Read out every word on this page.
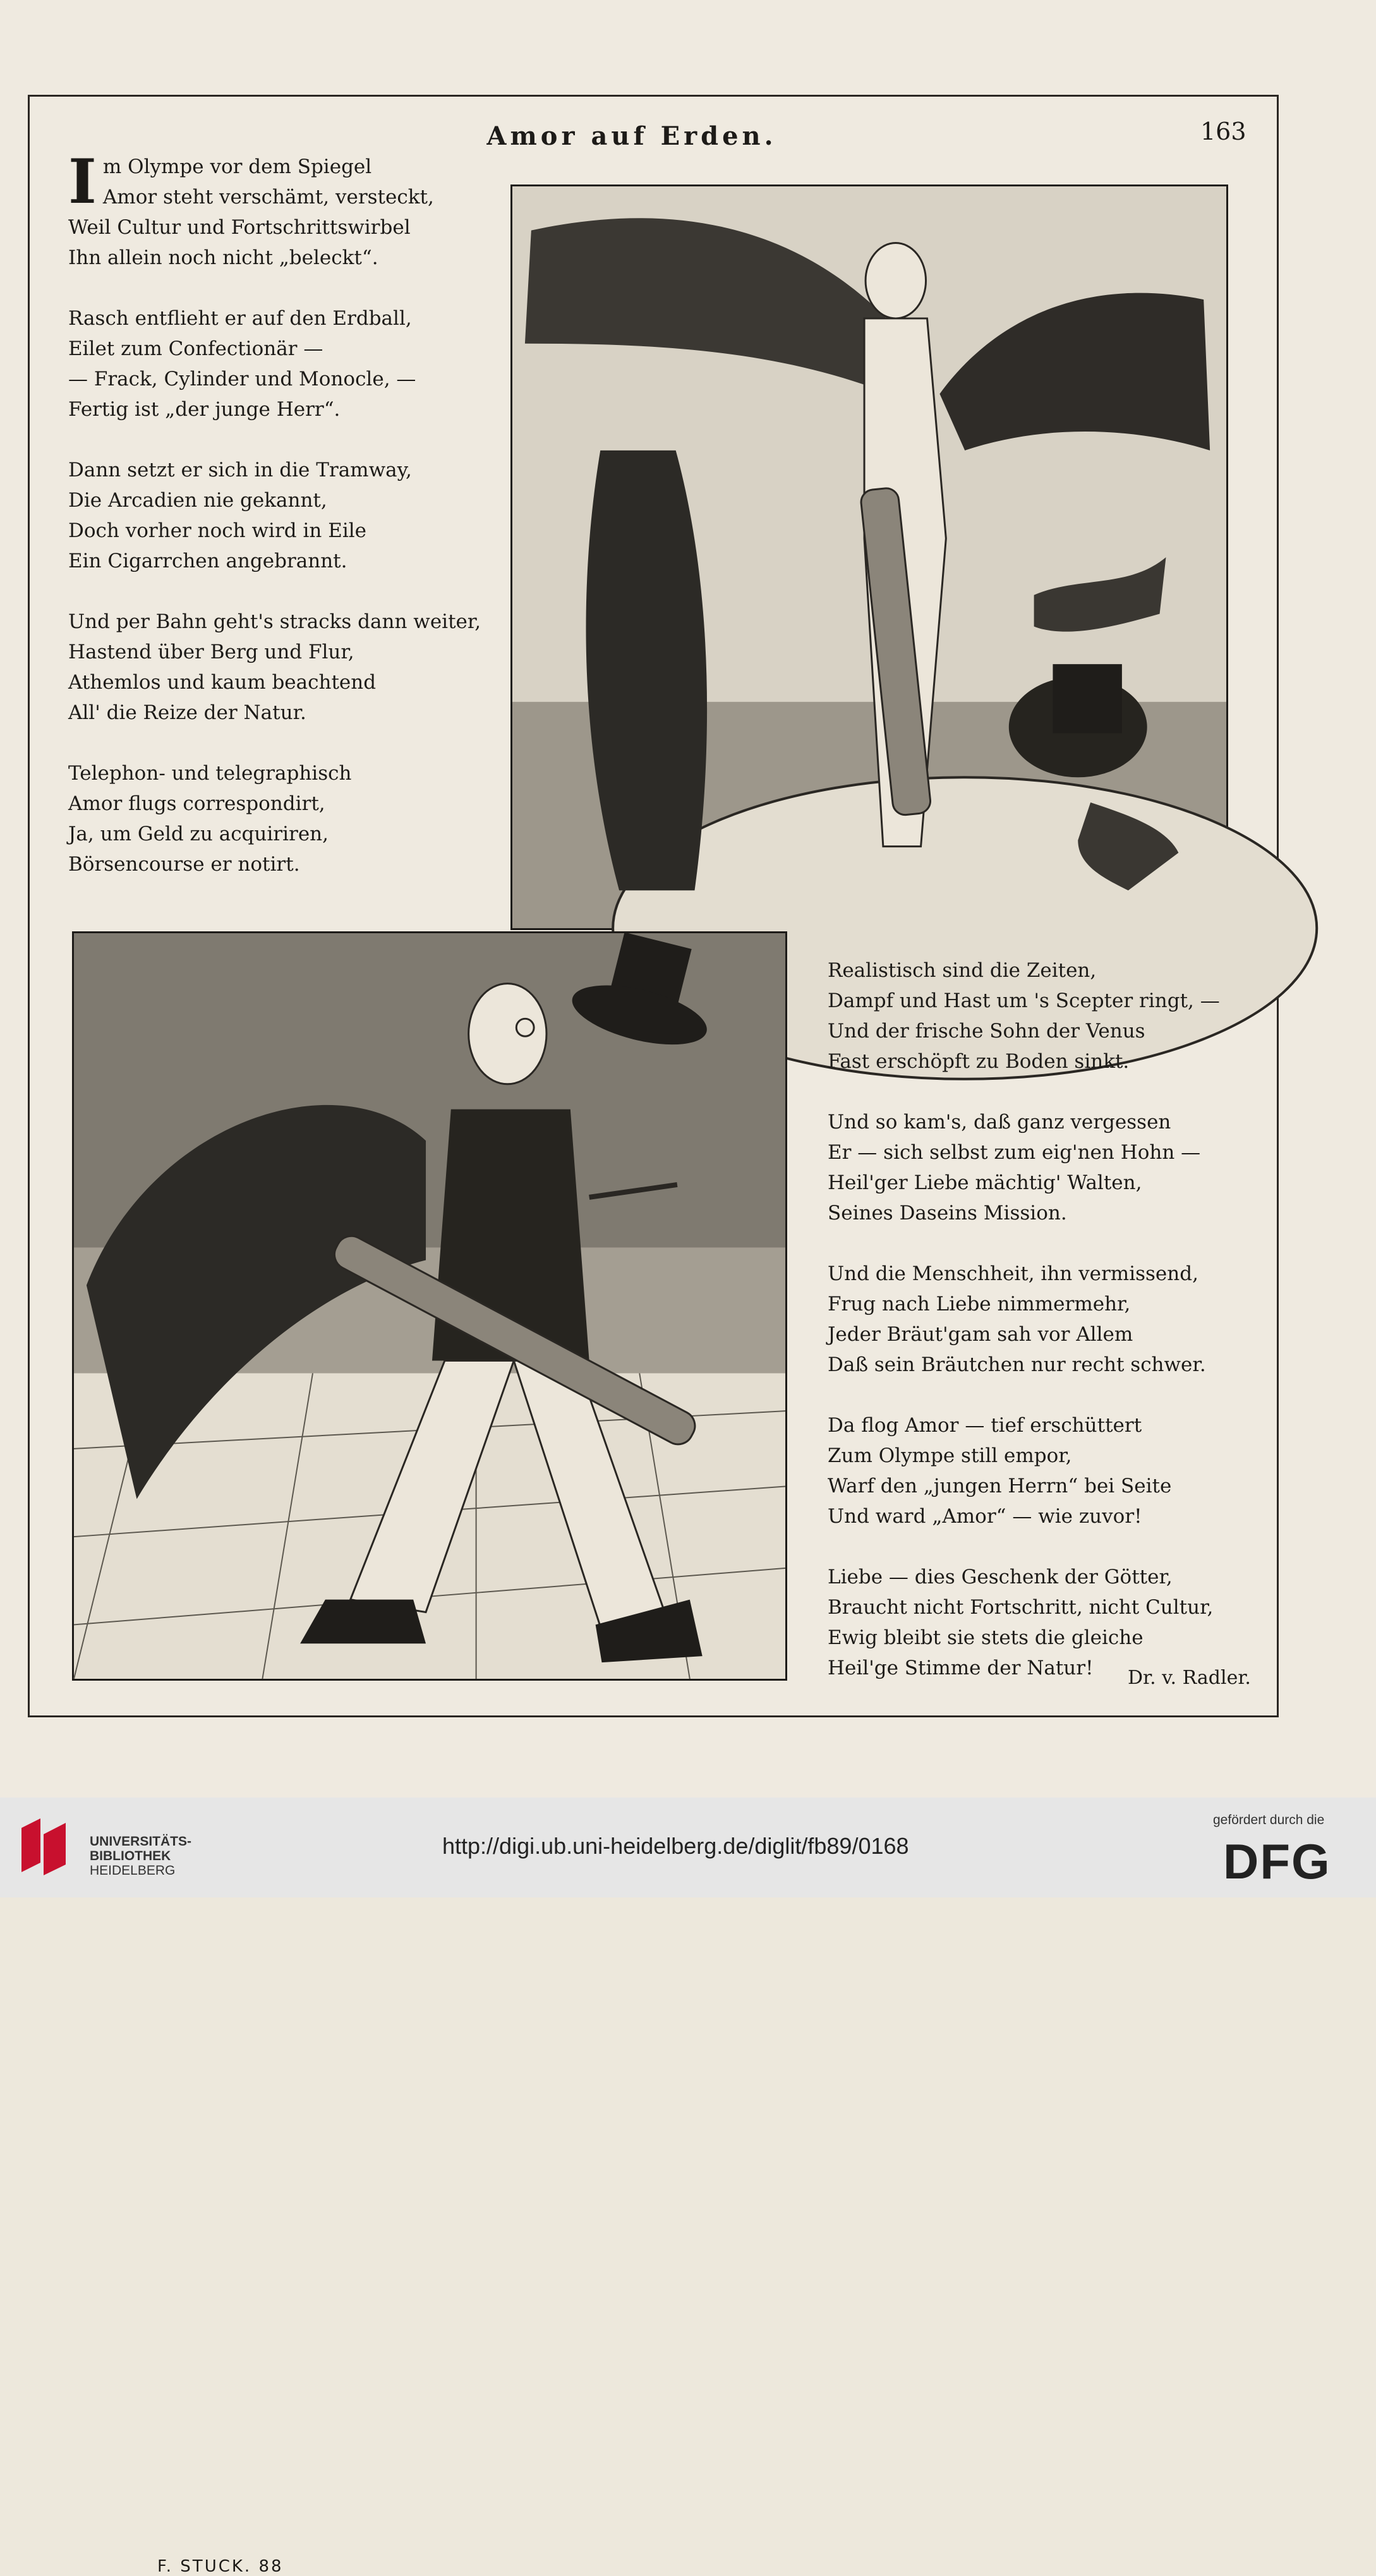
Amor auf Erden.	163
I m Olympe vor dem Spiegel

Amor steht verschämt, versteckt,

Weil Cultur und Fortschrittswirbel

Ihn allein noch nicht „beleckt“.

Rasch entflieht er auf den Erdball,

Eilet zum Confectionär —

— Frack, Cylinder und Monocle, —

Fertig ist „der junge Herr“.

Dann setzt er sich in die Tramway,

Die Arcadien nie gekannt,

Doch vorher noch wird in Eile

Ein Cigarrchen angebrannt.

Und per Bahn geht's stracks dann weiter,

Hastend über Berg und Flur,

Athemlos und kaum beachtend

All' die Reize der Natur.

Telephon- und telegraphisch

Amor flugs correspondirt,

Ja, um Geld zu acquiriren,

Börsencourse er notirt.

F. STUCK. 88

Realistisch sind die Zeiten,

Dampf und Hast um 's Scepter ringt, —

Und der frische Sohn der Venus

Fast erschöpft zu Boden sinkt.

Und so kam's, daß ganz vergessen

Er — sich selbst zum eig'nen Hohn —

Heil'ger Liebe mächtig' Walten,

Seines Daseins Mission.

Und die Menschheit, ihn vermissend,

Frug nach Liebe nimmermehr,

Jeder Bräut'gam sah vor Allem

Daß sein Bräutchen nur recht schwer.

Da flog Amor — tief erschüttert

Zum Olympe still empor,

Warf den „jungen Herrn“ bei Seite

Und ward „Amor“ — wie zuvor!

Liebe — dies Geschenk der Götter,

Braucht nicht Fortschritt, nicht Cultur,

Ewig bleibt sie stets die gleiche

Heil'ge Stimme der Natur!	Dr. v. Radler.
UNIVERSITÄTS-
BIBLIOTHEK
HEIDELBERG
http://digi.ub.uni-heidelberg.de/diglit/fb89/0168
gefördert durch die
DFG
